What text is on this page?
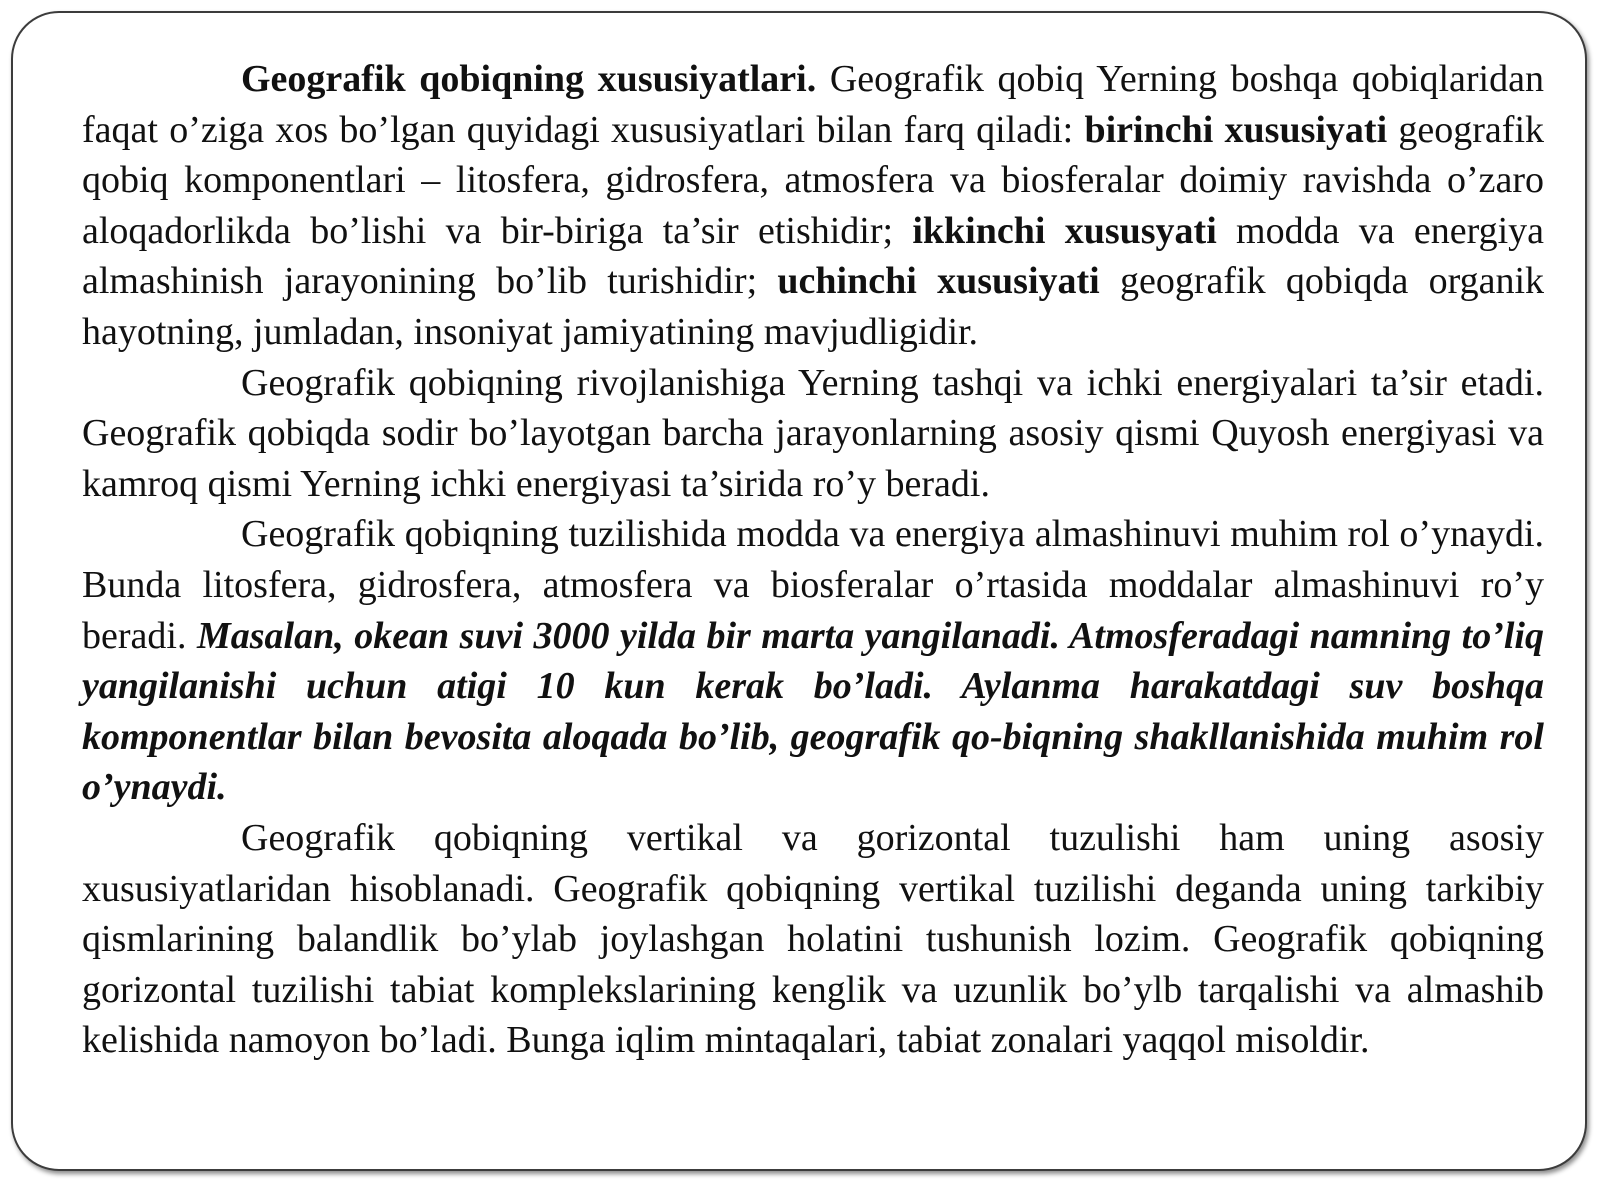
Geografik qobiqning xususiyatlari. Geografik qobiq Yerning boshqa qobiqlaridan faqat o’ziga xos bo’lgan quyidagi xususiyatlari bilan farq qiladi: birinchi xususiyati geografik qobiq komponentlari – litosfera, gidrosfera, atmosfera va biosferalar doimiy ravishda o’zaro aloqadorlikda bo’lishi va bir-biriga ta’sir etishidir; ikkinchi xususyati modda va energiya almashinish jarayonining bo’lib turishidir; uchinchi xususiyati geografik qobiqda organik hayotning, jumladan, insoniyat jamiyatining mavjudligidir.

Geografik qobiqning rivojlanishiga Yerning tashqi va ichki energiyalari ta’sir etadi. Geografik qobiqda sodir bo’layotgan barcha jarayonlarning asosiy qismi Quyosh energiyasi va kamroq qismi Yerning ichki energiyasi ta’sirida ro’y beradi.

Geografik qobiqning tuzilishida modda va energiya almashinuvi muhim rol o’ynaydi. Bunda litosfera, gidrosfera, atmosfera va biosferalar o’rtasida moddalar almashinuvi ro’y beradi. Masalan, okean suvi 3000 yilda bir marta yangilanadi. Atmosferadagi namning to’liq yangilanishi uchun atigi 10 kun kerak bo’ladi. Aylanma harakatdagi suv boshqa komponentlar bilan bevosita aloqada bo’lib, geografik qo-biqning shakllanishida muhim rol o’ynaydi.

Geografik qobiqning vertikal va gorizontal tuzulishi ham uning asosiy xususiyatlaridan hisoblanadi. Geografik qobiqning vertikal tuzilishi deganda uning tarkibiy qismlarining balandlik bo’ylab joylashgan holatini tushunish lozim. Geografik qobiqning gorizontal tuzilishi tabiat komplekslarining kenglik va uzunlik bo’ylb tarqalishi va almashib kelishida namoyon bo’ladi. Bunga iqlim mintaqalari, tabiat zonalari yaqqol misoldir.
